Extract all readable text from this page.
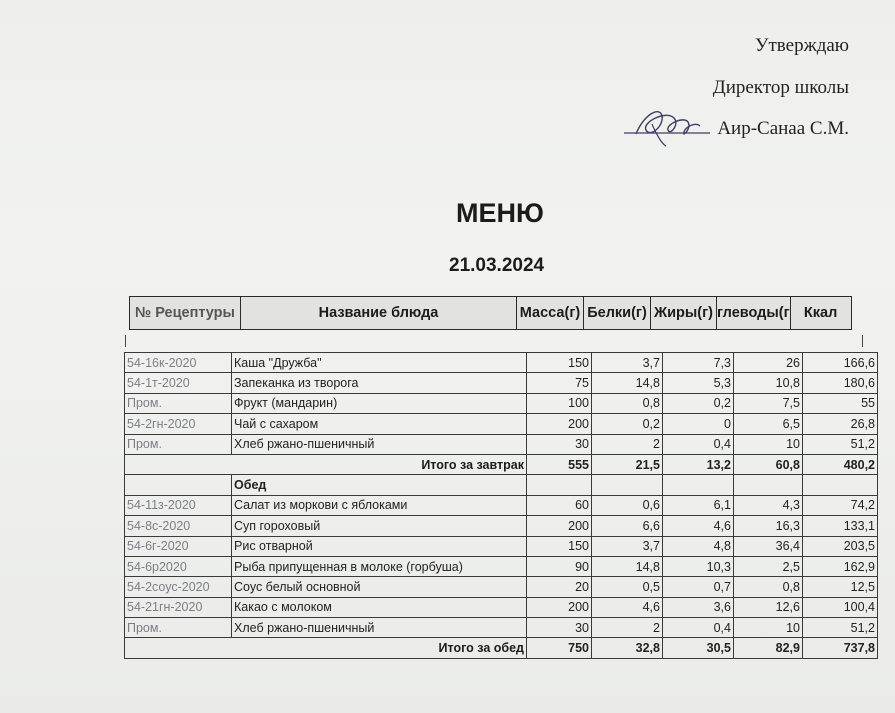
Утверждаю
Директор школы
Аир-Санаа С.М.
МЕНЮ
21.03.2024
№ Рецептуры	Название блюда	Масса(г)	Белки(г)	Жиры(г)	глеводы(г	Ккал
54-16к-2020	Каша "Дружба"	150	3,7	7,3	26	166,6
54-1т-2020	Запеканка из творога	75	14,8	5,3	10,8	180,6
Пром.	Фрукт (мандарин)	100	0,8	0,2	7,5	55
54-2гн-2020	Чай с сахаром	200	0,2	0	6,5	26,8
Пром.	Хлеб ржано-пшеничный	30	2	0,4	10	51,2
Итого за завтрак		555	21,5	13,2	60,8	480,2
	Обед					
54-11з-2020	Салат из моркови с яблоками	60	0,6	6,1	4,3	74,2
54-8с-2020	Суп гороховый	200	6,6	4,6	16,3	133,1
54-6г-2020	Рис отварной	150	3,7	4,8	36,4	203,5
54-6р2020	Рыба припущенная в молоке (горбуша)	90	14,8	10,3	2,5	162,9
54-2соус-2020	Соус белый основной	20	0,5	0,7	0,8	12,5
54-21гн-2020	Какао с молоком	200	4,6	3,6	12,6	100,4
Пром.	Хлеб ржано-пшеничный	30	2	0,4	10	51,2
Итого за обед		750	32,8	30,5	82,9	737,8
